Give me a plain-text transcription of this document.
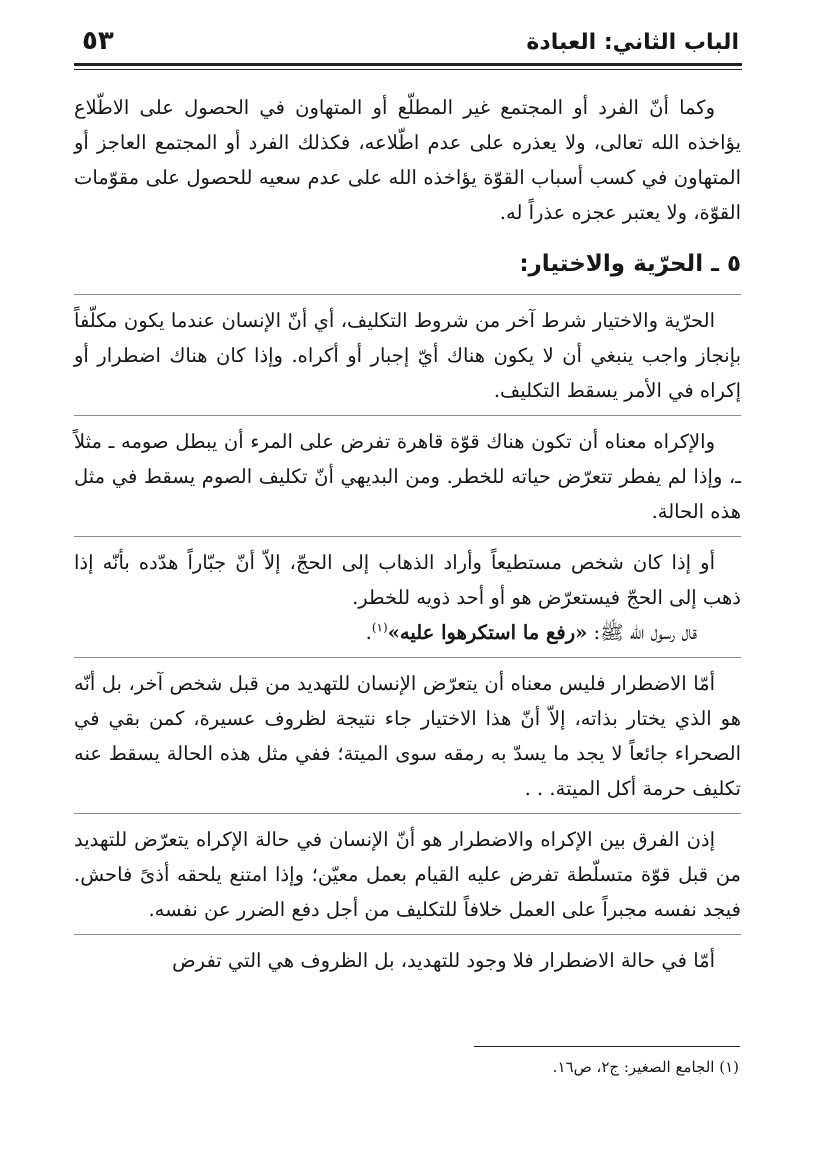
الباب الثاني: العبادة
٥٣

وكما أنّ الفرد أو المجتمع غير المطلّع أو المتهاون في الحصول على الاطّلاع يؤاخذه الله تعالى، ولا يعذره على عدم اطّلاعه، فكذلك الفرد أو المجتمع العاجز أو المتهاون في كسب أسباب القوّة يؤاخذه الله على عدم سعيه للحصول على مقوّمات القوّة، ولا يعتبر عجزه عذراً له.

٥ ـ الحرّية والاختيار:

الحرّية والاختيار شرط آخر من شروط التكليف، أي أنّ الإنسان عندما يكون مكلّفاً بإنجاز واجب ينبغي أن لا يكون هناك أيّ إجبار أو أكراه. وإذا كان هناك اضطرار أو إكراه في الأمر يسقط التكليف.

والإكراه معناه أن تكون هناك قوّة قاهرة تفرض على المرء أن يبطل صومه ـ مثلاً ـ، وإذا لم يفطر تتعرّض حياته للخطر. ومن البديهي أنّ تكليف الصوم يسقط في مثل هذه الحالة.

أو إذا كان شخص مستطيعاً وأراد الذهاب إلى الحجّ، إلاّ أنّ جبّاراً هدّده بأنّه إذا ذهب إلى الحجّ فيستعرّض هو أو أحد ذويه للخطر.

قال رسول الله ﷺ: «رفع ما استكرهوا عليه»$^{(١)}$.

أمّا الاضطرار فليس معناه أن يتعرّض الإنسان للتهديد من قبل شخص آخر، بل أنّه هو الذي يختار بذاته، إلاّ أنّ هذا الاختيار جاء نتيجة لظروف عسيرة، كمن بقي في الصحراء جائعاً لا يجد ما يسدّ به رمقه سوى الميتة؛ ففي مثل هذه الحالة يسقط عنه تكليف حرمة أكل الميتة. . .

إذن الفرق بين الإكراه والاضطرار هو أنّ الإنسان في حالة الإكراه يتعرّض للتهديد من قبل قوّة متسلّطة تفرض عليه القيام بعمل معيّن؛ وإذا امتنع يلحقه أذىً فاحش. فيجد نفسه مجبراً على العمل خلافاً للتكليف من أجل دفع الضرر عن نفسه.

أمّا في حالة الاضطرار فلا وجود للتهديد، بل الظروف هي التي تفرض

(١) الجامع الصغير: ج٢، ص١٦.
